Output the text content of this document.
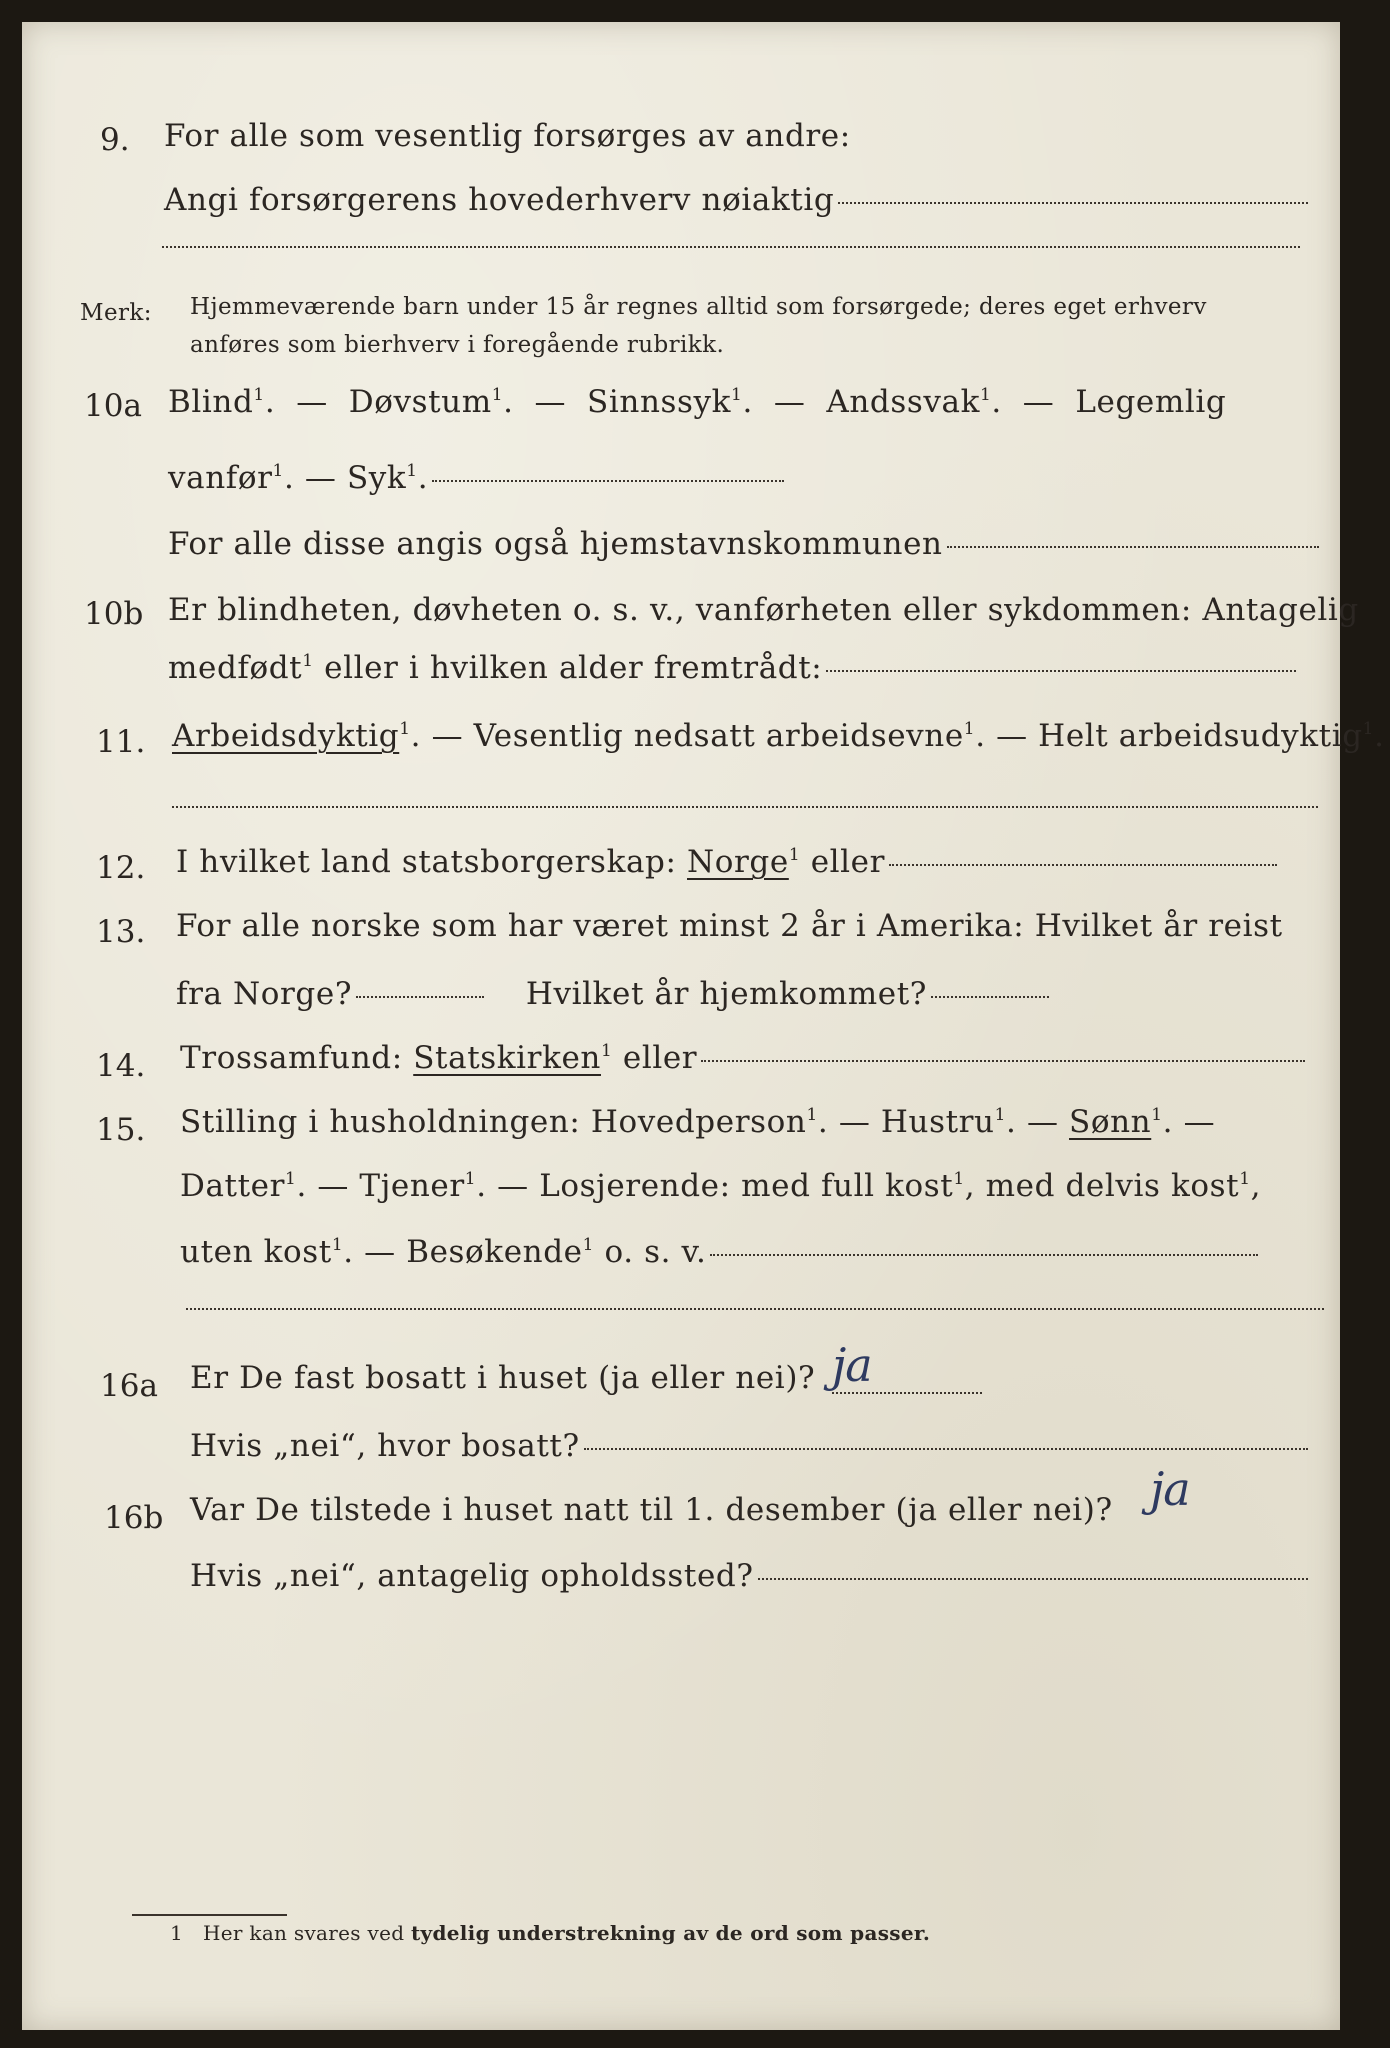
9. For alle som vesentlig forsørges av andre:
Angi forsørgerens hovederhverv nøiaktig
Merk: Hjemmeværende barn under 15 år regnes alltid som forsørgede; deres eget erhverv
anføres som bierhverv i foregående rubrikk.
10a Blind$^1$.  — Døvstum$^1$.  — Sinnssyk$^1$.  — Andssvak$^1$.  — Legemlig
vanfør$^1$. — Syk$^1$.
For alle disse angis også hjemstavnskommunen
10b Er blindheten, døvheten o. s. v., vanførheten eller sykdommen: Antagelig
medfødt$^1$ eller i hvilken alder fremtrådt:
11. Arbeidsdyktig$^1$. — Vesentlig nedsatt arbeidsevne$^1$. — Helt arbeidsudyktig$^1$.
12. I hvilket land statsborgerskap: Norge$^1$ eller
13. For alle norske som har været minst 2 år i Amerika: Hvilket år reist
fra Norge?	Hvilket år hjemkommet?
14. Trossamfund: Statskirken$^1$ eller
15. Stilling i husholdningen: Hovedperson$^1$. — Hustru$^1$. — Sønn$^1$. —
Datter$^1$. — Tjener$^1$. — Losjerende: med full kost$^1$, med delvis kost$^1$,
uten kost$^1$. — Besøkende$^1$ o. s. v.
16a Er De fast bosatt i huset (ja eller nei)? ja
Hvis „nei“, hvor bosatt?
16b Var De tilstede i huset natt til 1. desember (ja eller nei)? ja
Hvis „nei“, antagelig opholdssted?
1 Her kan svares ved tydelig understrekning av de ord som passer.
